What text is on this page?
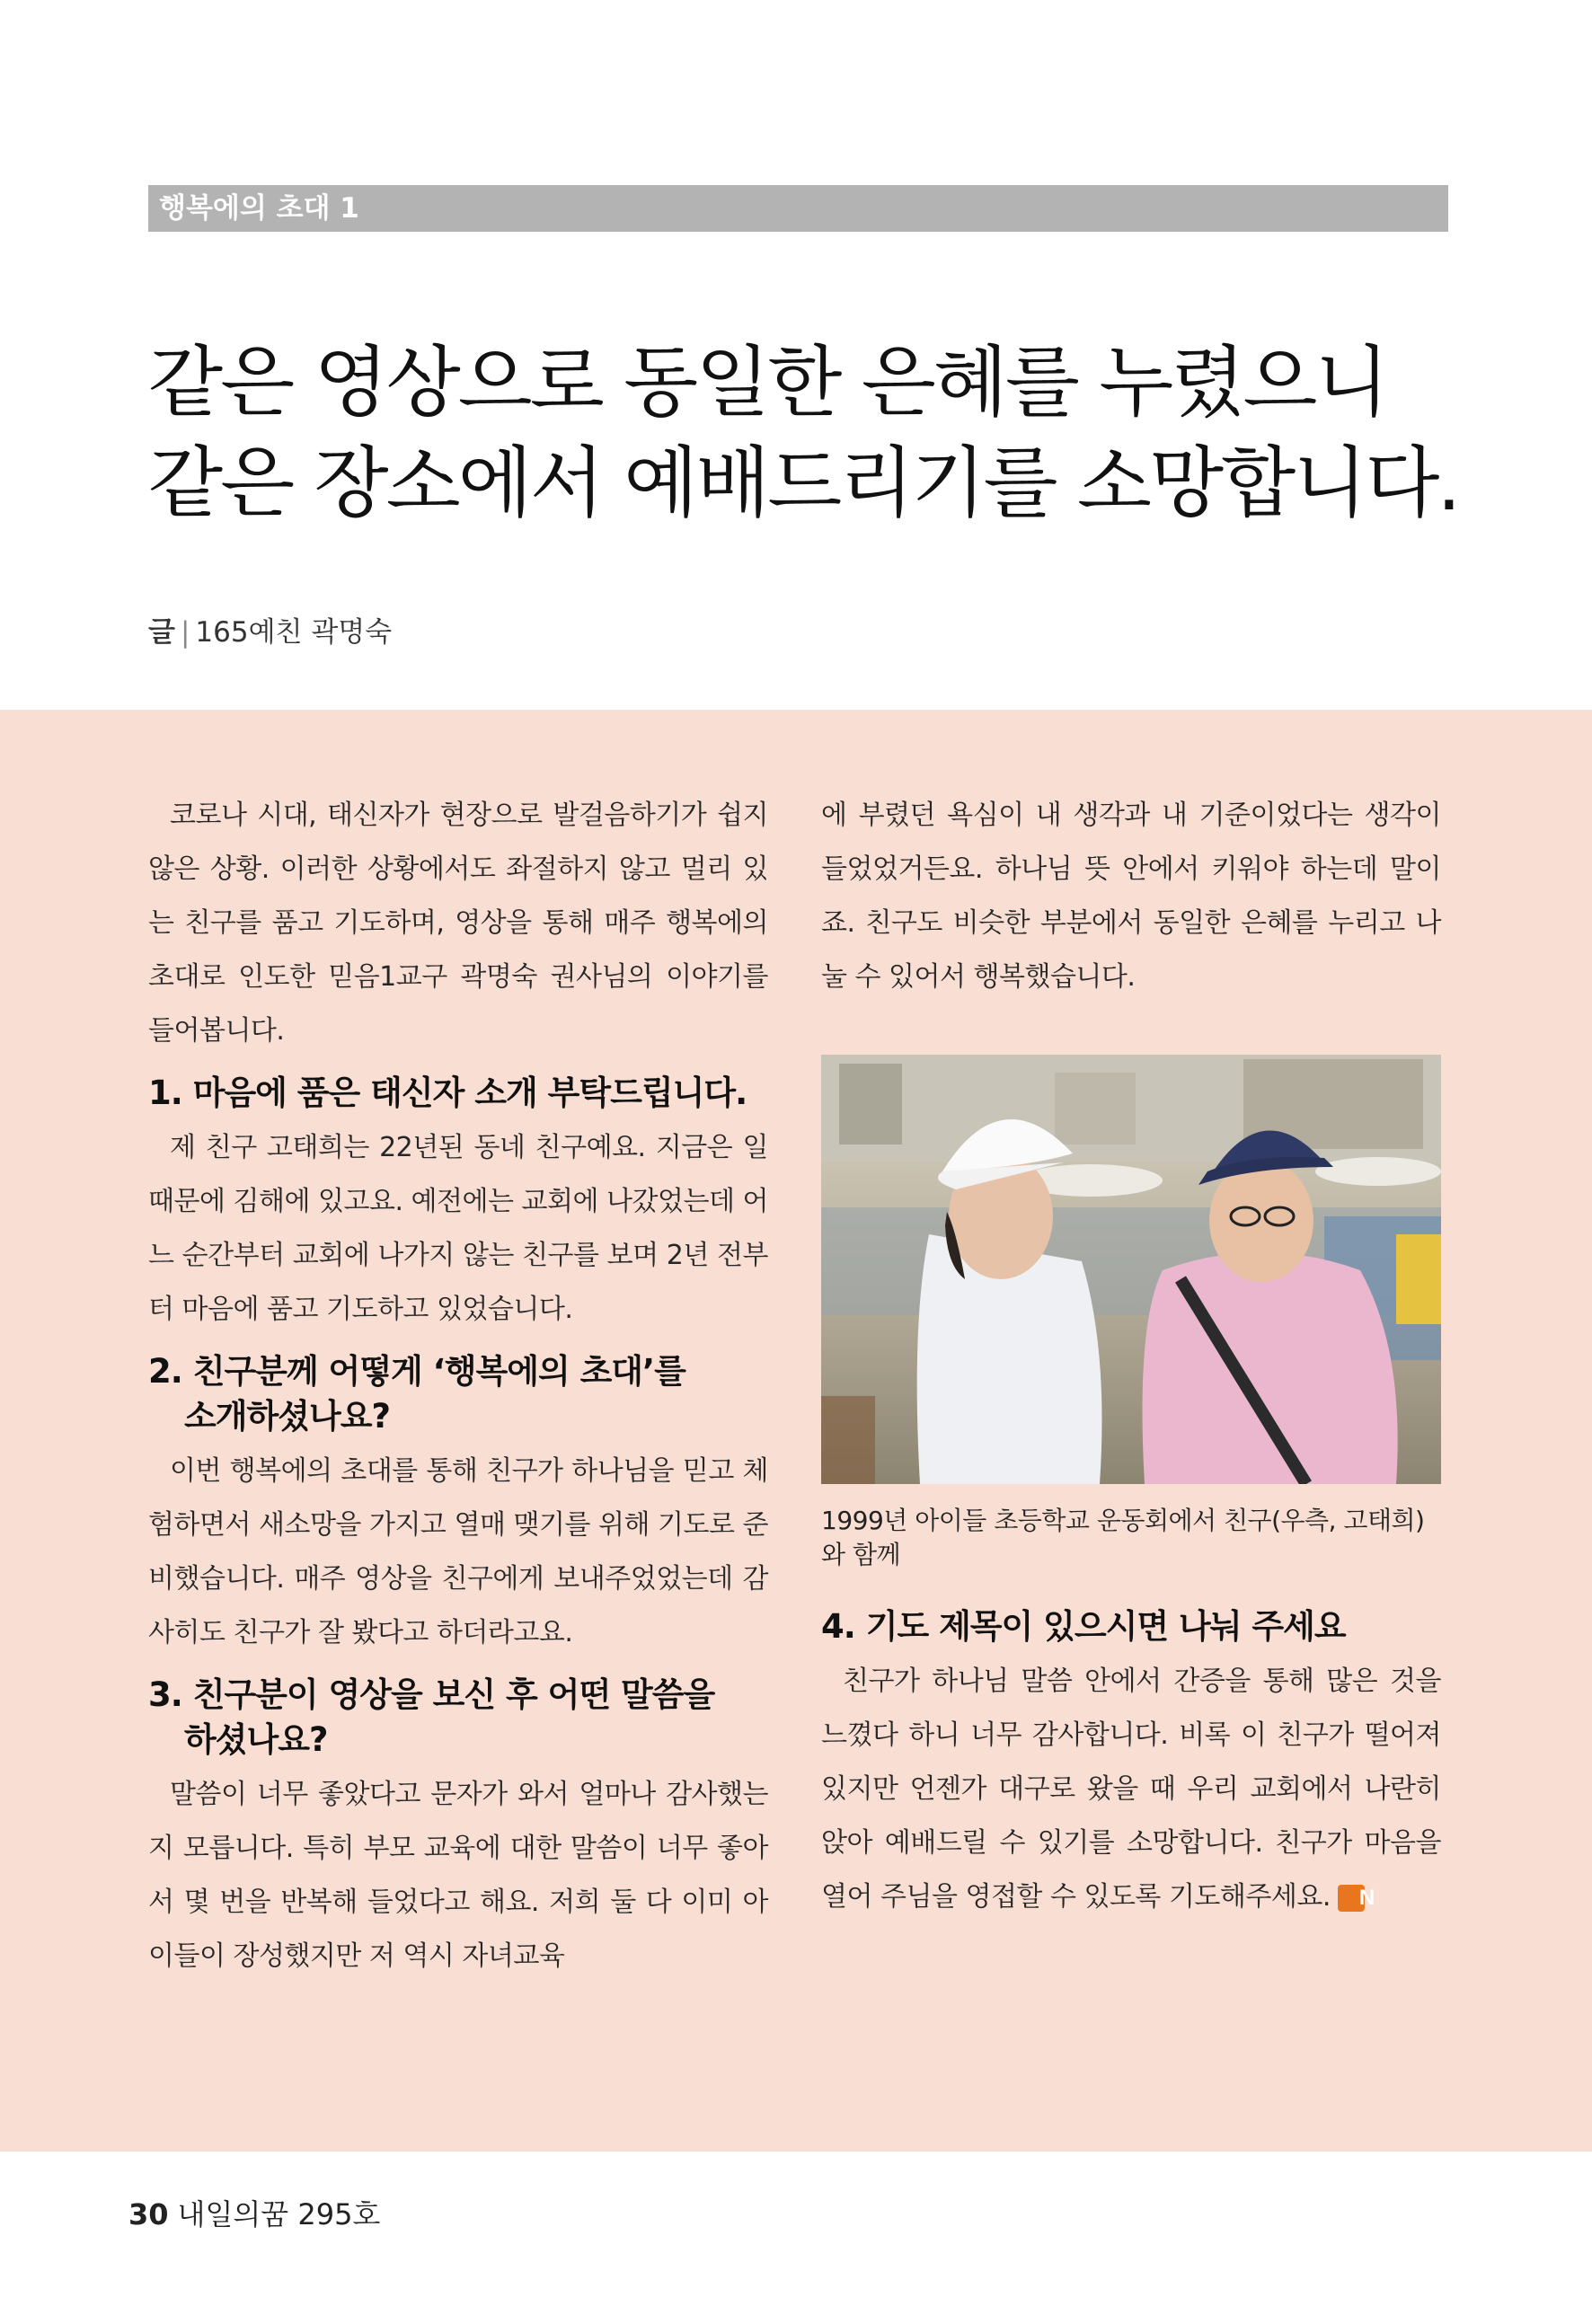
행복에의 초대 1
같은 영상으로 동일한 은혜를 누렸으니
같은 장소에서 예배드리기를 소망합니다.
글 | 165예친 곽명숙

코로나 시대, 태신자가 현장으로 발걸음하기가 쉽지 않은 상황. 이러한 상황에서도 좌절하지 않고 멀리 있는 친구를 품고 기도하며, 영상을 통해 매주 행복에의 초대로 인도한 믿음1교구 곽명숙 권사님의 이야기를 들어봅니다.

1. 마음에 품은 태신자 소개 부탁드립니다.

제 친구 고태희는 22년된 동네 친구예요. 지금은 일 때문에 김해에 있고요. 예전에는 교회에 나갔었는데 어느 순간부터 교회에 나가지 않는 친구를 보며 2년 전부터 마음에 품고 기도하고 있었습니다.

2. 친구분께 어떻게 ‘행복에의 초대’를
소개하셨나요?

이번 행복에의 초대를 통해 친구가 하나님을 믿고 체험하면서 새소망을 가지고 열매 맺기를 위해 기도로 준비했습니다. 매주 영상을 친구에게 보내주었었는데 감사히도 친구가 잘 봤다고 하더라고요.

3. 친구분이 영상을 보신 후 어떤 말씀을
하셨나요?

말씀이 너무 좋았다고 문자가 와서 얼마나 감사했는지 모릅니다. 특히 부모 교육에 대한 말씀이 너무 좋아서 몇 번을 반복해 들었다고 해요. 저희 둘 다 이미 아이들이 장성했지만 저 역시 자녀교육

에 부렸던 욕심이 내 생각과 내 기준이었다는 생각이 들었었거든요. 하나님 뜻 안에서 키워야 하는데 말이죠. 친구도 비슷한 부분에서 동일한 은혜를 누리고 나눌 수 있어서 행복했습니다.

1999년 아이들 초등학교 운동회에서 친구(우측, 고태희)와 함께
4. 기도 제목이 있으시면 나눠 주세요

친구가 하나님 말씀 안에서 간증을 통해 많은 것을 느꼈다 하니 너무 감사합니다. 비록 이 친구가 떨어져 있지만 언젠가 대구로 왔을 때 우리 교회에서 나란히 앉아 예배드릴 수 있기를 소망합니다. 친구가 마음을 열어 주님을 영접할 수 있도록 기도해주세요. N

30 내일의꿈 295호
